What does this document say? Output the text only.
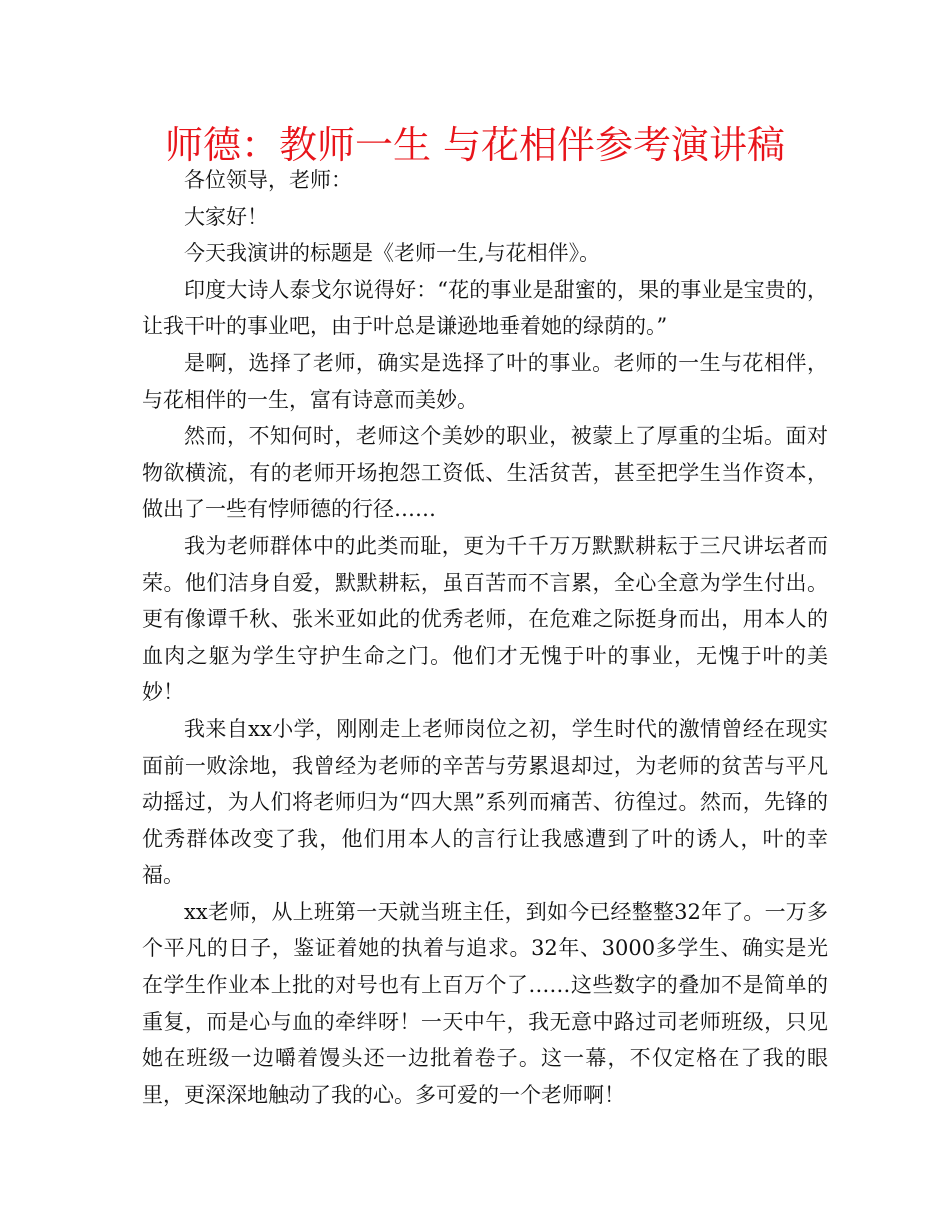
师德：教师一生 与花相伴参考演讲稿

各位领导，老师：

大家好！

今天我演讲的标题是《老师一生,与花相伴》。

印度大诗人泰戈尔说得好：“花的事业是甜蜜的，果的事业是宝贵的，让我干叶的事业吧，由于叶总是谦逊地垂着她的绿荫的。”

是啊，选择了老师，确实是选择了叶的事业。老师的一生与花相伴，与花相伴的一生，富有诗意而美妙。

然而，不知何时，老师这个美妙的职业，被蒙上了厚重的尘垢。面对物欲横流，有的老师开场抱怨工资低、生活贫苦，甚至把学生当作资本，做出了一些有悖师德的行径……

我为老师群体中的此类而耻，更为千千万万默默耕耘于三尺讲坛者而荣。他们洁身自爱，默默耕耘，虽百苦而不言累，全心全意为学生付出。更有像谭千秋、张米亚如此的优秀老师，在危难之际挺身而出，用本人的血肉之躯为学生守护生命之门。他们才无愧于叶的事业，无愧于叶的美妙！

我来自xx小学，刚刚走上老师岗位之初，学生时代的激情曾经在现实面前一败涂地，我曾经为老师的辛苦与劳累退却过，为老师的贫苦与平凡动摇过，为人们将老师归为“四大黑”系列而痛苦、彷徨过。然而，先锋的优秀群体改变了我，他们用本人的言行让我感遭到了叶的诱人，叶的幸福。

xx老师，从上班第一天就当班主任，到如今已经整整32年了。一万多个平凡的日子，鉴证着她的执着与追求。32年、3000多学生、确实是光在学生作业本上批的对号也有上百万个了……这些数字的叠加不是简单的重复，而是心与血的牵绊呀！一天中午，我无意中路过司老师班级，只见她在班级一边嚼着馒头还一边批着卷子。这一幕，不仅定格在了我的眼里，更深深地触动了我的心。多可爱的一个老师啊！
